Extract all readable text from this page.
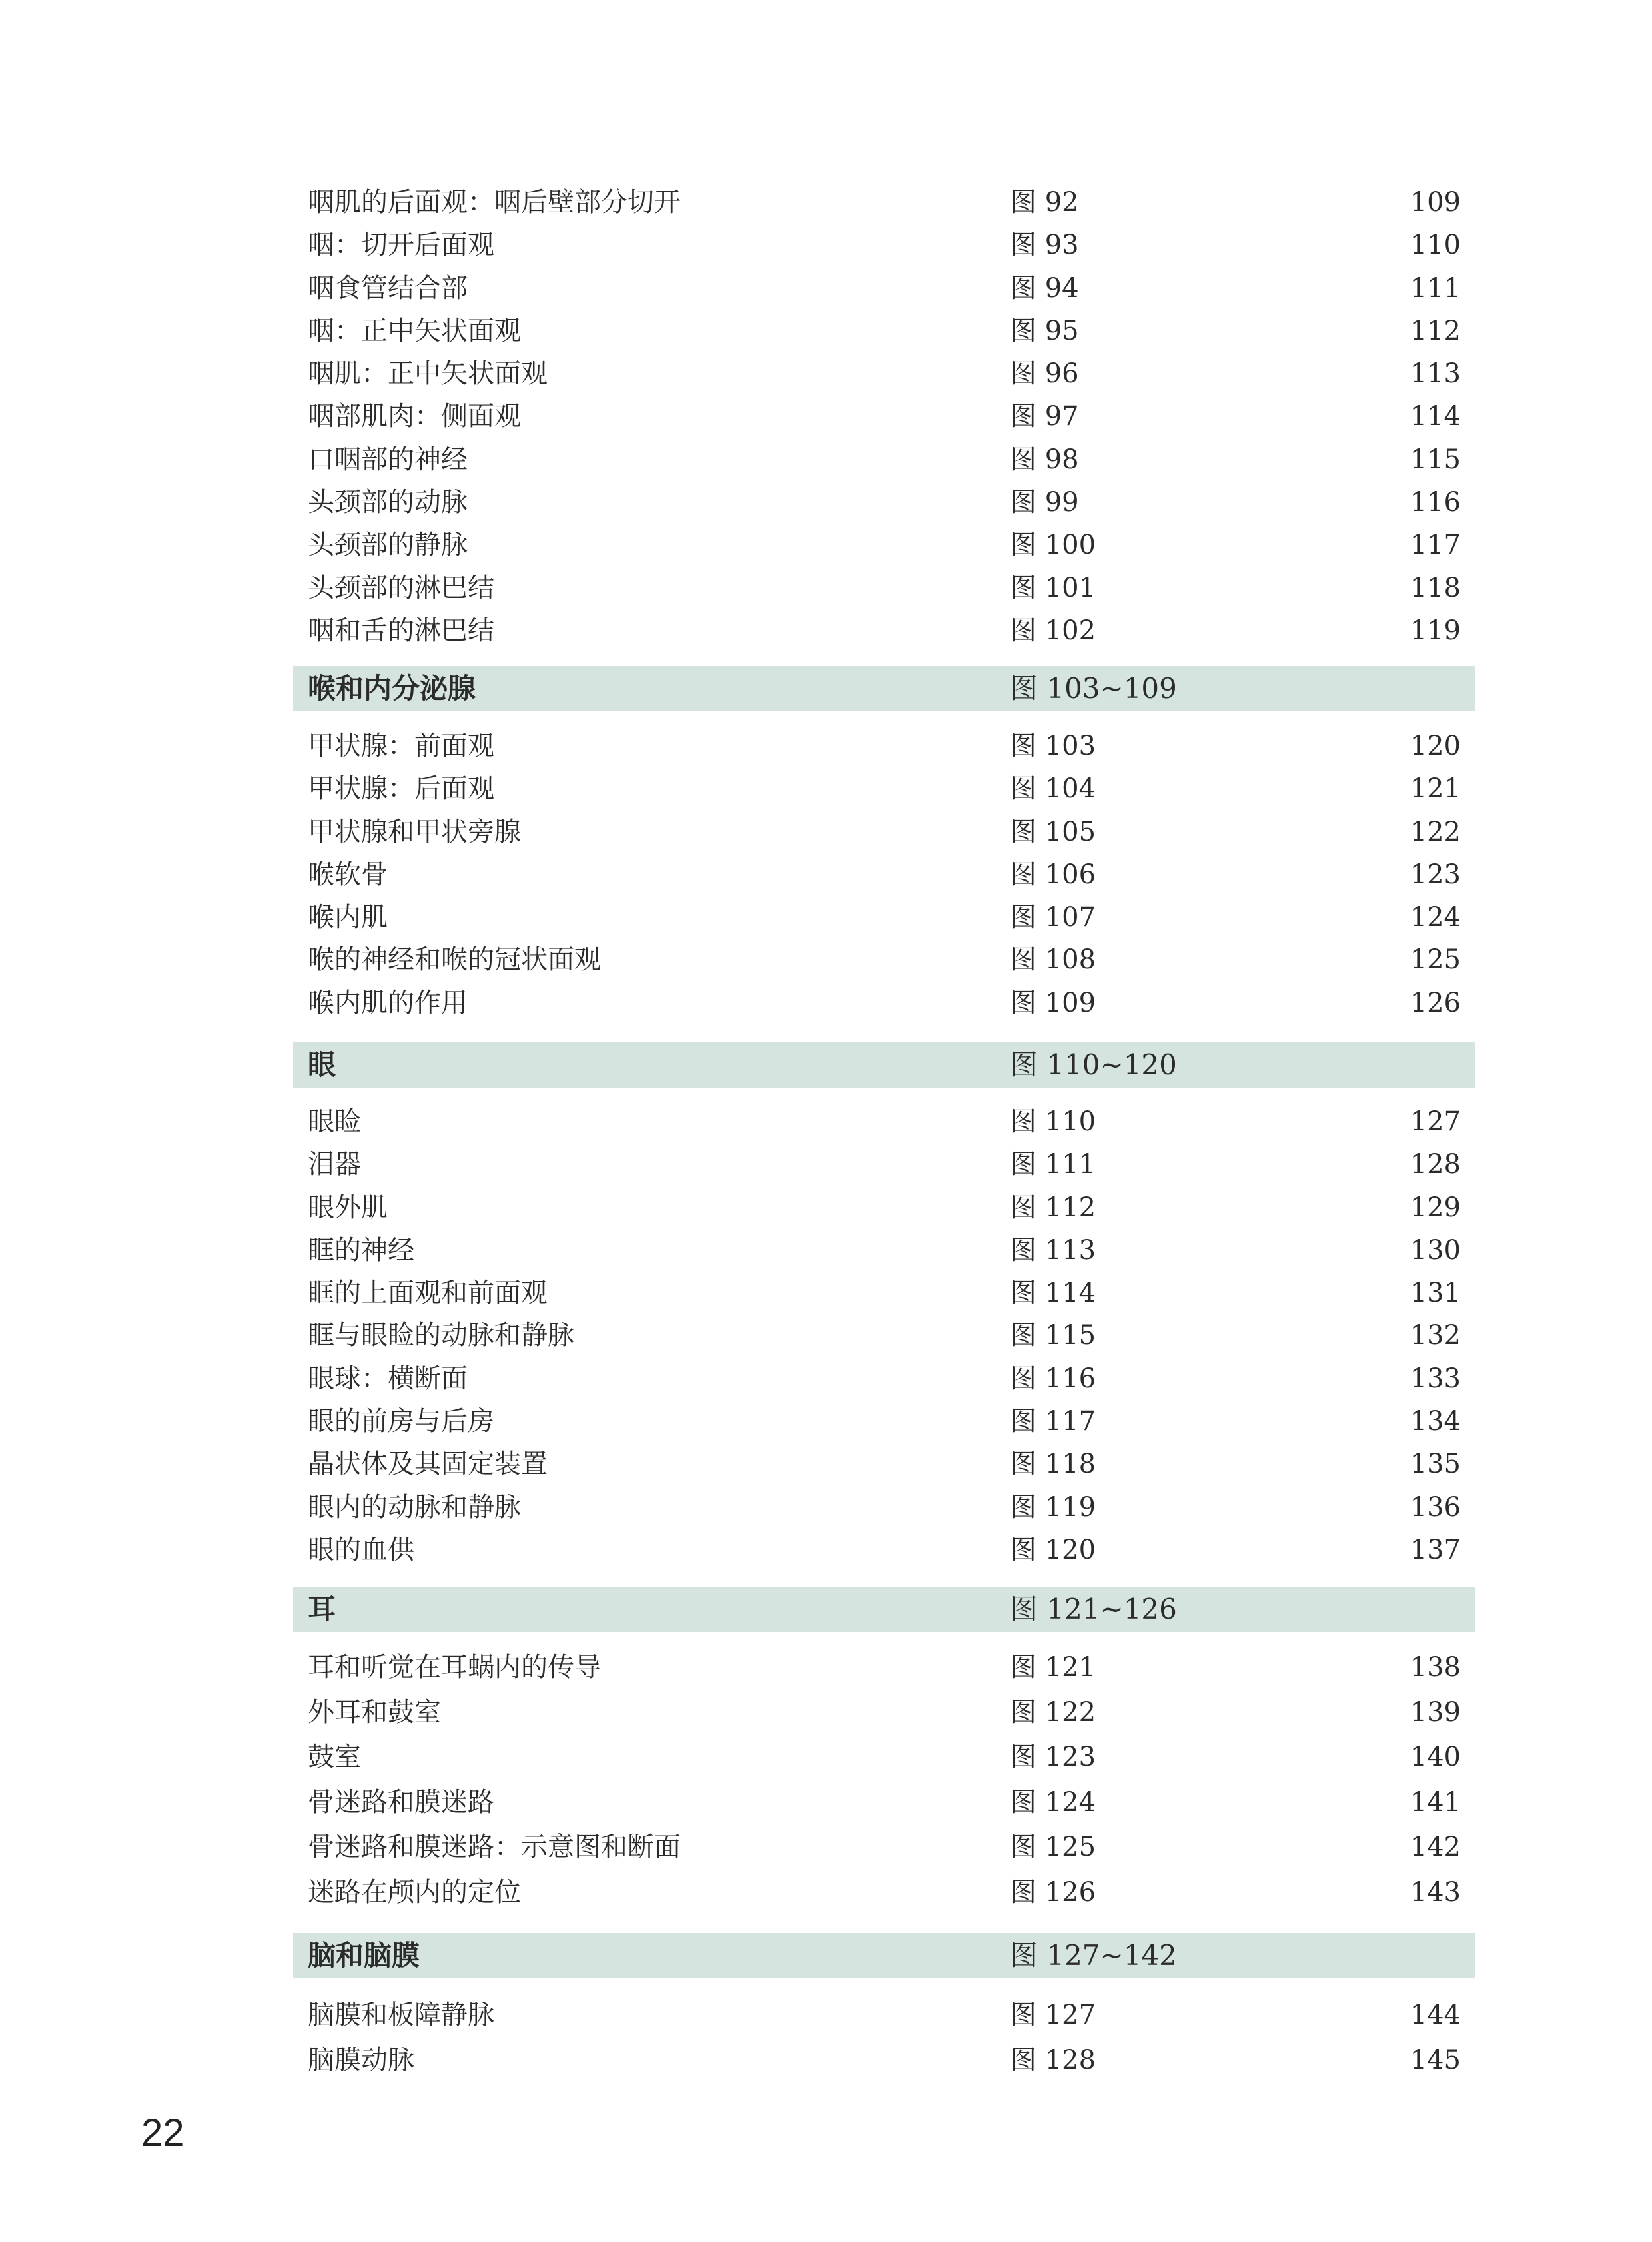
咽肌的后面观：咽后壁部分切开	图 92	109
咽：切开后面观	图 93	110
咽食管结合部	图 94	111
咽：正中矢状面观	图 95	112
咽肌：正中矢状面观	图 96	113
咽部肌肉：侧面观	图 97	114
口咽部的神经	图 98	115
头颈部的动脉	图 99	116
头颈部的静脉	图 100	117
头颈部的淋巴结	图 101	118
咽和舌的淋巴结	图 102	119
喉和内分泌腺	图 103~109
甲状腺：前面观	图 103	120
甲状腺：后面观	图 104	121
甲状腺和甲状旁腺	图 105	122
喉软骨	图 106	123
喉内肌	图 107	124
喉的神经和喉的冠状面观	图 108	125
喉内肌的作用	图 109	126
眼	图 110~120
眼睑	图 110	127
泪器	图 111	128
眼外肌	图 112	129
眶的神经	图 113	130
眶的上面观和前面观	图 114	131
眶与眼睑的动脉和静脉	图 115	132
眼球：横断面	图 116	133
眼的前房与后房	图 117	134
晶状体及其固定装置	图 118	135
眼内的动脉和静脉	图 119	136
眼的血供	图 120	137
耳	图 121~126
耳和听觉在耳蜗内的传导	图 121	138
外耳和鼓室	图 122	139
鼓室	图 123	140
骨迷路和膜迷路	图 124	141
骨迷路和膜迷路：示意图和断面	图 125	142
迷路在颅内的定位	图 126	143
脑和脑膜	图 127~142
脑膜和板障静脉	图 127	144
脑膜动脉	图 128	145
22
